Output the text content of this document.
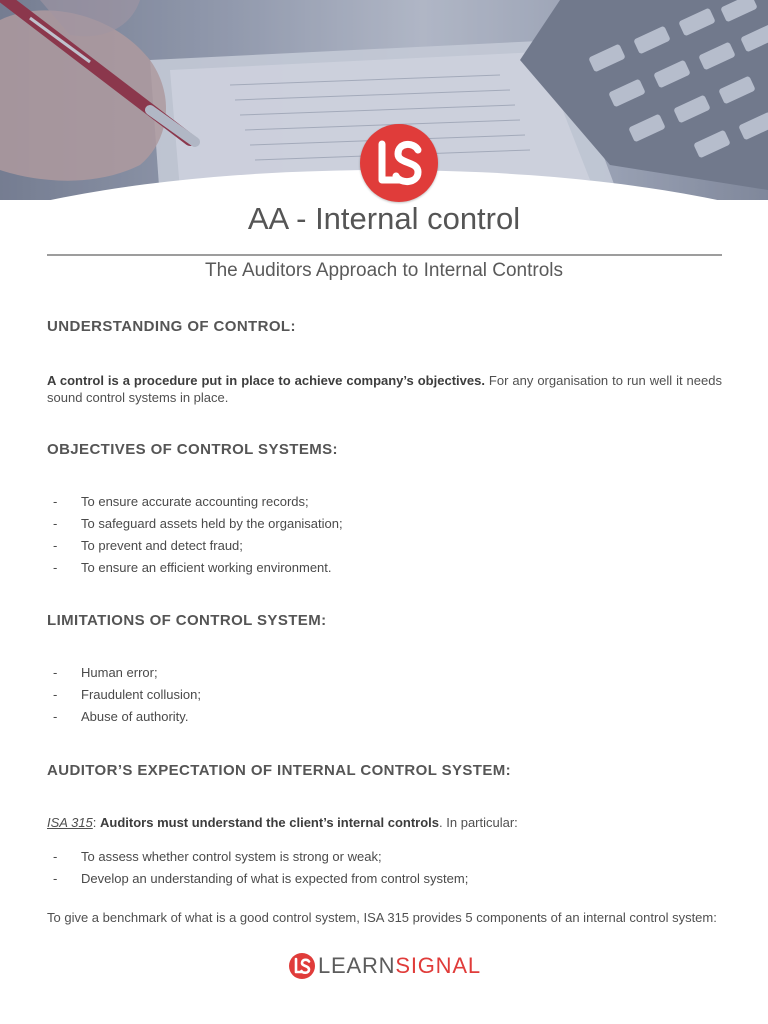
AA - Internal control
The Auditors Approach to Internal Controls
UNDERSTANDING OF CONTROL:
A control is a procedure put in place to achieve company’s objectives. For any organisation to run well it needs sound control systems in place.
OBJECTIVES OF CONTROL SYSTEMS:
- To ensure accurate accounting records;
- To safeguard assets held by the organisation;
- To prevent and detect fraud;
- To ensure an efficient working environment.
LIMITATIONS OF CONTROL SYSTEM:
- Human error;
- Fraudulent collusion;
- Abuse of authority.
AUDITOR’S EXPECTATION OF INTERNAL CONTROL SYSTEM:
ISA 315: Auditors must understand the client’s internal controls. In particular:
- To assess whether control system is strong or weak;
- Develop an understanding of what is expected from control system;
To give a benchmark of what is a good control system, ISA 315 provides 5 components of an internal control system:
LEARNSIGNAL
